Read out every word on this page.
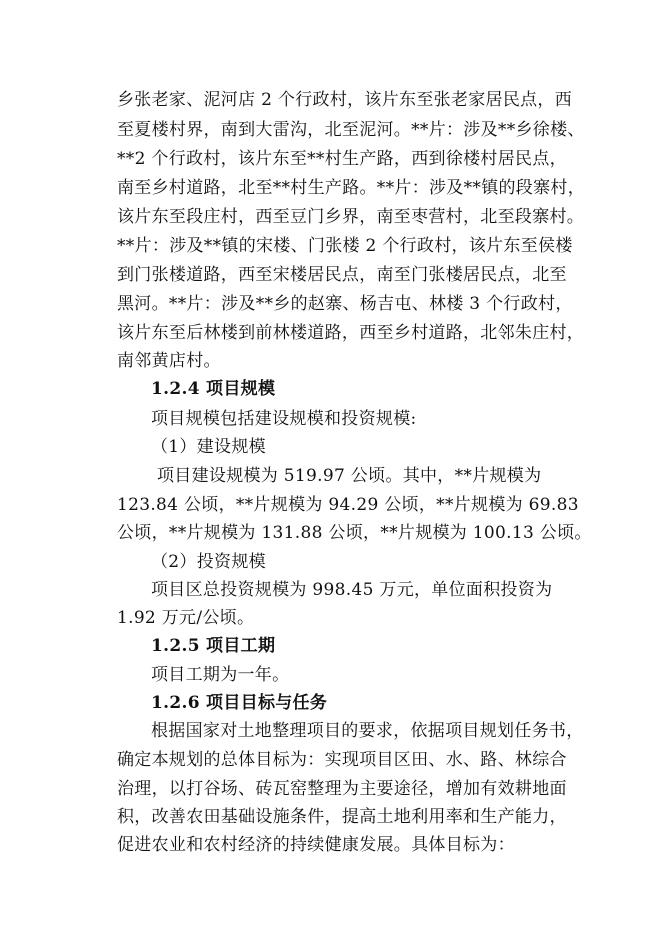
乡张老家、泥河店 2 个行政村，该片东至张老家居民点，西
至夏楼村界，南到大雷沟，北至泥河。**片：涉及**乡徐楼、
**2 个行政村，该片东至**村生产路，西到徐楼村居民点，
南至乡村道路，北至**村生产路。**片：涉及**镇的段寨村，
该片东至段庄村，西至豆门乡界，南至枣营村，北至段寨村。
**片：涉及**镇的宋楼、门张楼 2 个行政村，该片东至侯楼
到门张楼道路，西至宋楼居民点，南至门张楼居民点，北至
黑河。**片：涉及**乡的赵寨、杨吉屯、林楼 3 个行政村，
该片东至后林楼到前林楼道路，西至乡村道路，北邻朱庄村，
南邻黄店村。
1.2.4 项目规模
项目规模包括建设规模和投资规模:
（1）建设规模
项目建设规模为 519.97 公顷。其中，**片规模为
123.84 公顷，**片规模为 94.29 公顷，**片规模为 69.83
公顷，**片规模为 131.88 公顷，**片规模为 100.13 公顷。
（2）投资规模
项目区总投资规模为 998.45 万元，单位面积投资为
1.92 万元/公顷。
1.2.5 项目工期
项目工期为一年。
1.2.6 项目目标与任务
根据国家对土地整理项目的要求，依据项目规划任务书，
确定本规划的总体目标为：实现项目区田、水、路、林综合
治理，以打谷场、砖瓦窑整理为主要途径，增加有效耕地面
积，改善农田基础设施条件，提高土地利用率和生产能力，
促进农业和农村经济的持续健康发展。具体目标为：
